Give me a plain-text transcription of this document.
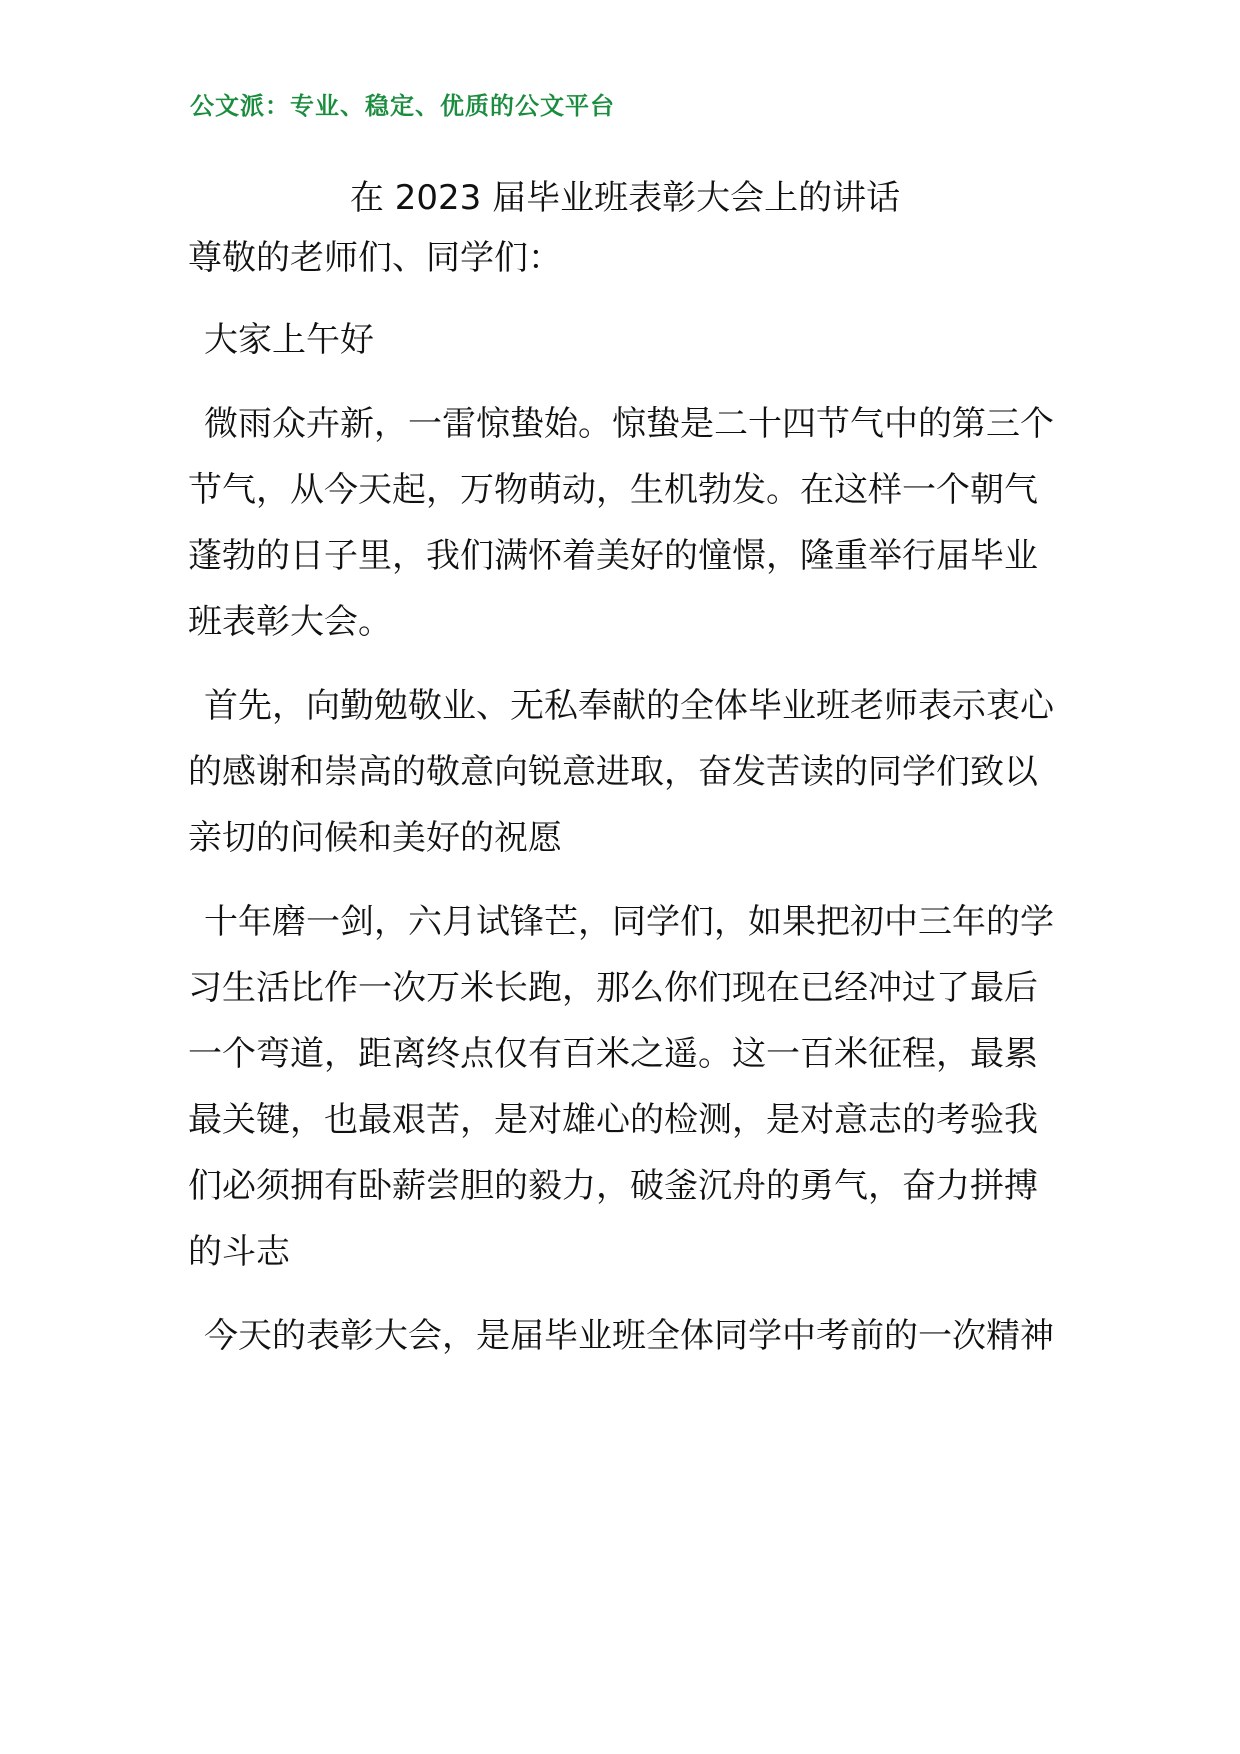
公文派：专业、稳定、优质的公文平台
在 2023 届毕业班表彰大会上的讲话
尊敬的老师们、同学们：
大家上午好
微雨众卉新，一雷惊蛰始。惊蛰是二十四节气中的第三个
节气，从今天起，万物萌动，生机勃发。在这样一个朝气
蓬勃的日子里，我们满怀着美好的憧憬，隆重举行届毕业
班表彰大会。
首先，向勤勉敬业、无私奉献的全体毕业班老师表示衷心
的感谢和崇高的敬意向锐意进取，奋发苦读的同学们致以
亲切的问候和美好的祝愿
十年磨一剑，六月试锋芒，同学们，如果把初中三年的学
习生活比作一次万米长跑，那么你们现在已经冲过了最后
一个弯道，距离终点仅有百米之遥。这一百米征程，最累
最关键，也最艰苦，是对雄心的检测，是对意志的考验我
们必须拥有卧薪尝胆的毅力，破釜沉舟的勇气，奋力拼搏
的斗志
今天的表彰大会，是届毕业班全体同学中考前的一次精神
